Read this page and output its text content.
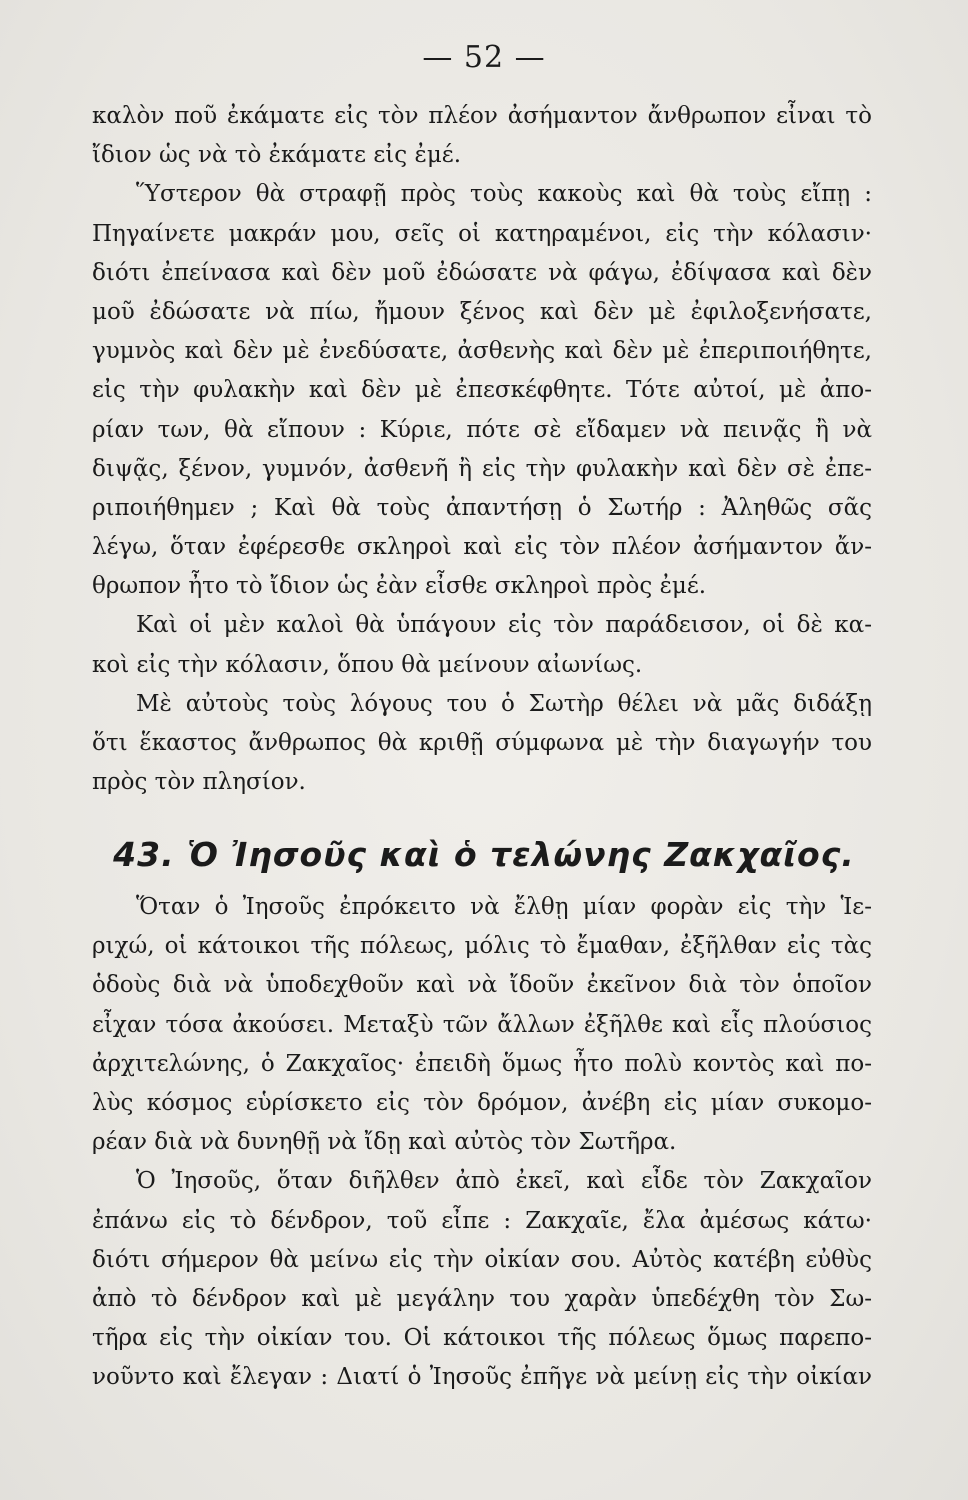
— 52 —
καλὸν ποῦ ἐκάματε εἰς τὸν πλέον ἀσήμαντον ἄνθρωπον εἶναι τὸ
ἴδιον ὡς νὰ τὸ ἐκάματε εἰς ἐμέ.
Ὕστερον θὰ στραφῇ πρὸς τοὺς κακοὺς καὶ θὰ τοὺς εἴπῃ :
Πηγαίνετε μακράν μου, σεῖς οἱ κατηραμένοι, εἰς τὴν κόλασιν·
διότι ἐπείνασα καὶ δὲν μοῦ ἐδώσατε νὰ φάγω, ἐδίψασα καὶ δὲν
μοῦ ἐδώσατε νὰ πίω, ἤμουν ξένος καὶ δὲν μὲ ἐφιλοξενήσατε,
γυμνὸς καὶ δὲν μὲ ἐνεδύσατε, ἀσθενὴς καὶ δὲν μὲ ἐπεριποιήθητε,
εἰς τὴν φυλακὴν καὶ δὲν μὲ ἐπεσκέφθητε. Τότε αὐτοί, μὲ ἀπο-
ρίαν των, θὰ εἴπουν : Κύριε, πότε σὲ εἴδαμεν νὰ πεινᾷς ἢ νὰ
διψᾷς, ξένον, γυμνόν, ἀσθενῆ ἢ εἰς τὴν φυλακὴν καὶ δὲν σὲ ἐπε-
ριποιήθημεν ; Καὶ θὰ τοὺς ἀπαντήσῃ ὁ Σωτήρ : Ἀληθῶς σᾶς
λέγω, ὅταν ἐφέρεσθε σκληροὶ καὶ εἰς τὸν πλέον ἀσήμαντον ἄν-
θρωπον ἦτο τὸ ἴδιον ὡς ἐὰν εἶσθε σκληροὶ πρὸς ἐμέ.
Καὶ οἱ μὲν καλοὶ θὰ ὑπάγουν εἰς τὸν παράδεισον, οἱ δὲ κα-
κοὶ εἰς τὴν κόλασιν, ὅπου θὰ μείνουν αἰωνίως.
Μὲ αὐτοὺς τοὺς λόγους του ὁ Σωτὴρ θέλει νὰ μᾶς διδάξῃ
ὅτι ἕκαστος ἄνθρωπος θὰ κριθῇ σύμφωνα μὲ τὴν διαγωγήν του
πρὸς τὸν πλησίον.
43. Ὁ Ἰησοῦς καὶ ὁ τελώνης Ζακχαῖος.
Ὅταν ὁ Ἰησοῦς ἐπρόκειτο νὰ ἔλθῃ μίαν φορὰν εἰς τὴν Ἱε-
ριχώ, οἱ κάτοικοι τῆς πόλεως, μόλις τὸ ἔμαθαν, ἐξῆλθαν εἰς τὰς
ὁδοὺς διὰ νὰ ὑποδεχθοῦν καὶ νὰ ἴδοῦν ἐκεῖνον διὰ τὸν ὁποῖον
εἶχαν τόσα ἀκούσει. Μεταξὺ τῶν ἄλλων ἐξῆλθε καὶ εἷς πλούσιος
ἀρχιτελώνης, ὁ Ζακχαῖος· ἐπειδὴ ὅμως ἦτο πολὺ κοντὸς καὶ πο-
λὺς κόσμος εὑρίσκετο εἰς τὸν δρόμον, ἀνέβη εἰς μίαν συκομο-
ρέαν διὰ νὰ δυνηθῇ νὰ ἴδῃ καὶ αὐτὸς τὸν Σωτῆρα.
Ὁ Ἰησοῦς, ὅταν διῆλθεν ἀπὸ ἐκεῖ, καὶ εἶδε τὸν Ζακχαῖον
ἐπάνω εἰς τὸ δένδρον, τοῦ εἶπε : Ζακχαῖε, ἔλα ἀμέσως κάτω·
διότι σήμερον θὰ μείνω εἰς τὴν οἰκίαν σου. Αὐτὸς κατέβη εὐθὺς
ἀπὸ τὸ δένδρον καὶ μὲ μεγάλην του χαρὰν ὑπεδέχθη τὸν Σω-
τῆρα εἰς τὴν οἰκίαν του. Οἱ κάτοικοι τῆς πόλεως ὅμως παρεπο-
νοῦντο καὶ ἔλεγαν : Διατί ὁ Ἰησοῦς ἐπῆγε νὰ μείνῃ εἰς τὴν οἰκίαν
